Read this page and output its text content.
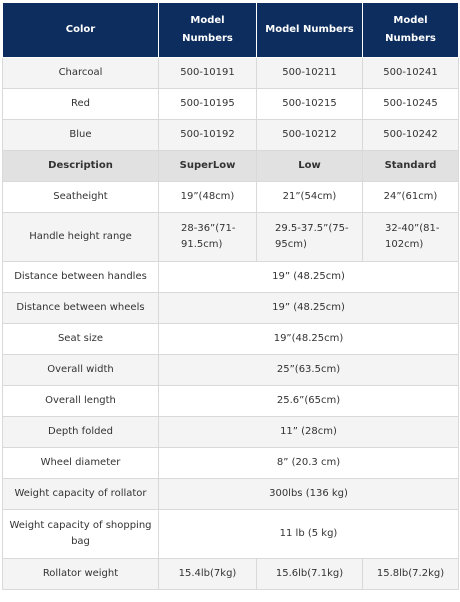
Color	Model Numbers	Model Numbers	Model Numbers
Charcoal	500-10191	500-10211	500-10241
Red	500-10195	500-10215	500-10245
Blue	500-10192	500-10212	500-10242
Description	SuperLow	Low	Standard
Seatheight	19”(48cm)	21”(54cm)	24”(61cm)
Handle height range	28-36”(71-91.5cm)	29.5-37.5”(75-95cm)	32-40”(81-102cm)
Distance between handles	19” (48.25cm)		
Distance between wheels	19” (48.25cm)		
Seat size	19”(48.25cm)		
Overall width	25”(63.5cm)		
Overall length	25.6”(65cm)		
Depth folded	11” (28cm)		
Wheel diameter	8” (20.3 cm)		
Weight capacity of rollator	300lbs (136 kg)		
Weight capacity of shopping bag	11 lb (5 kg)		
Rollator weight	15.4lb(7kg)	15.6lb(7.1kg)	15.8lb(7.2kg)
